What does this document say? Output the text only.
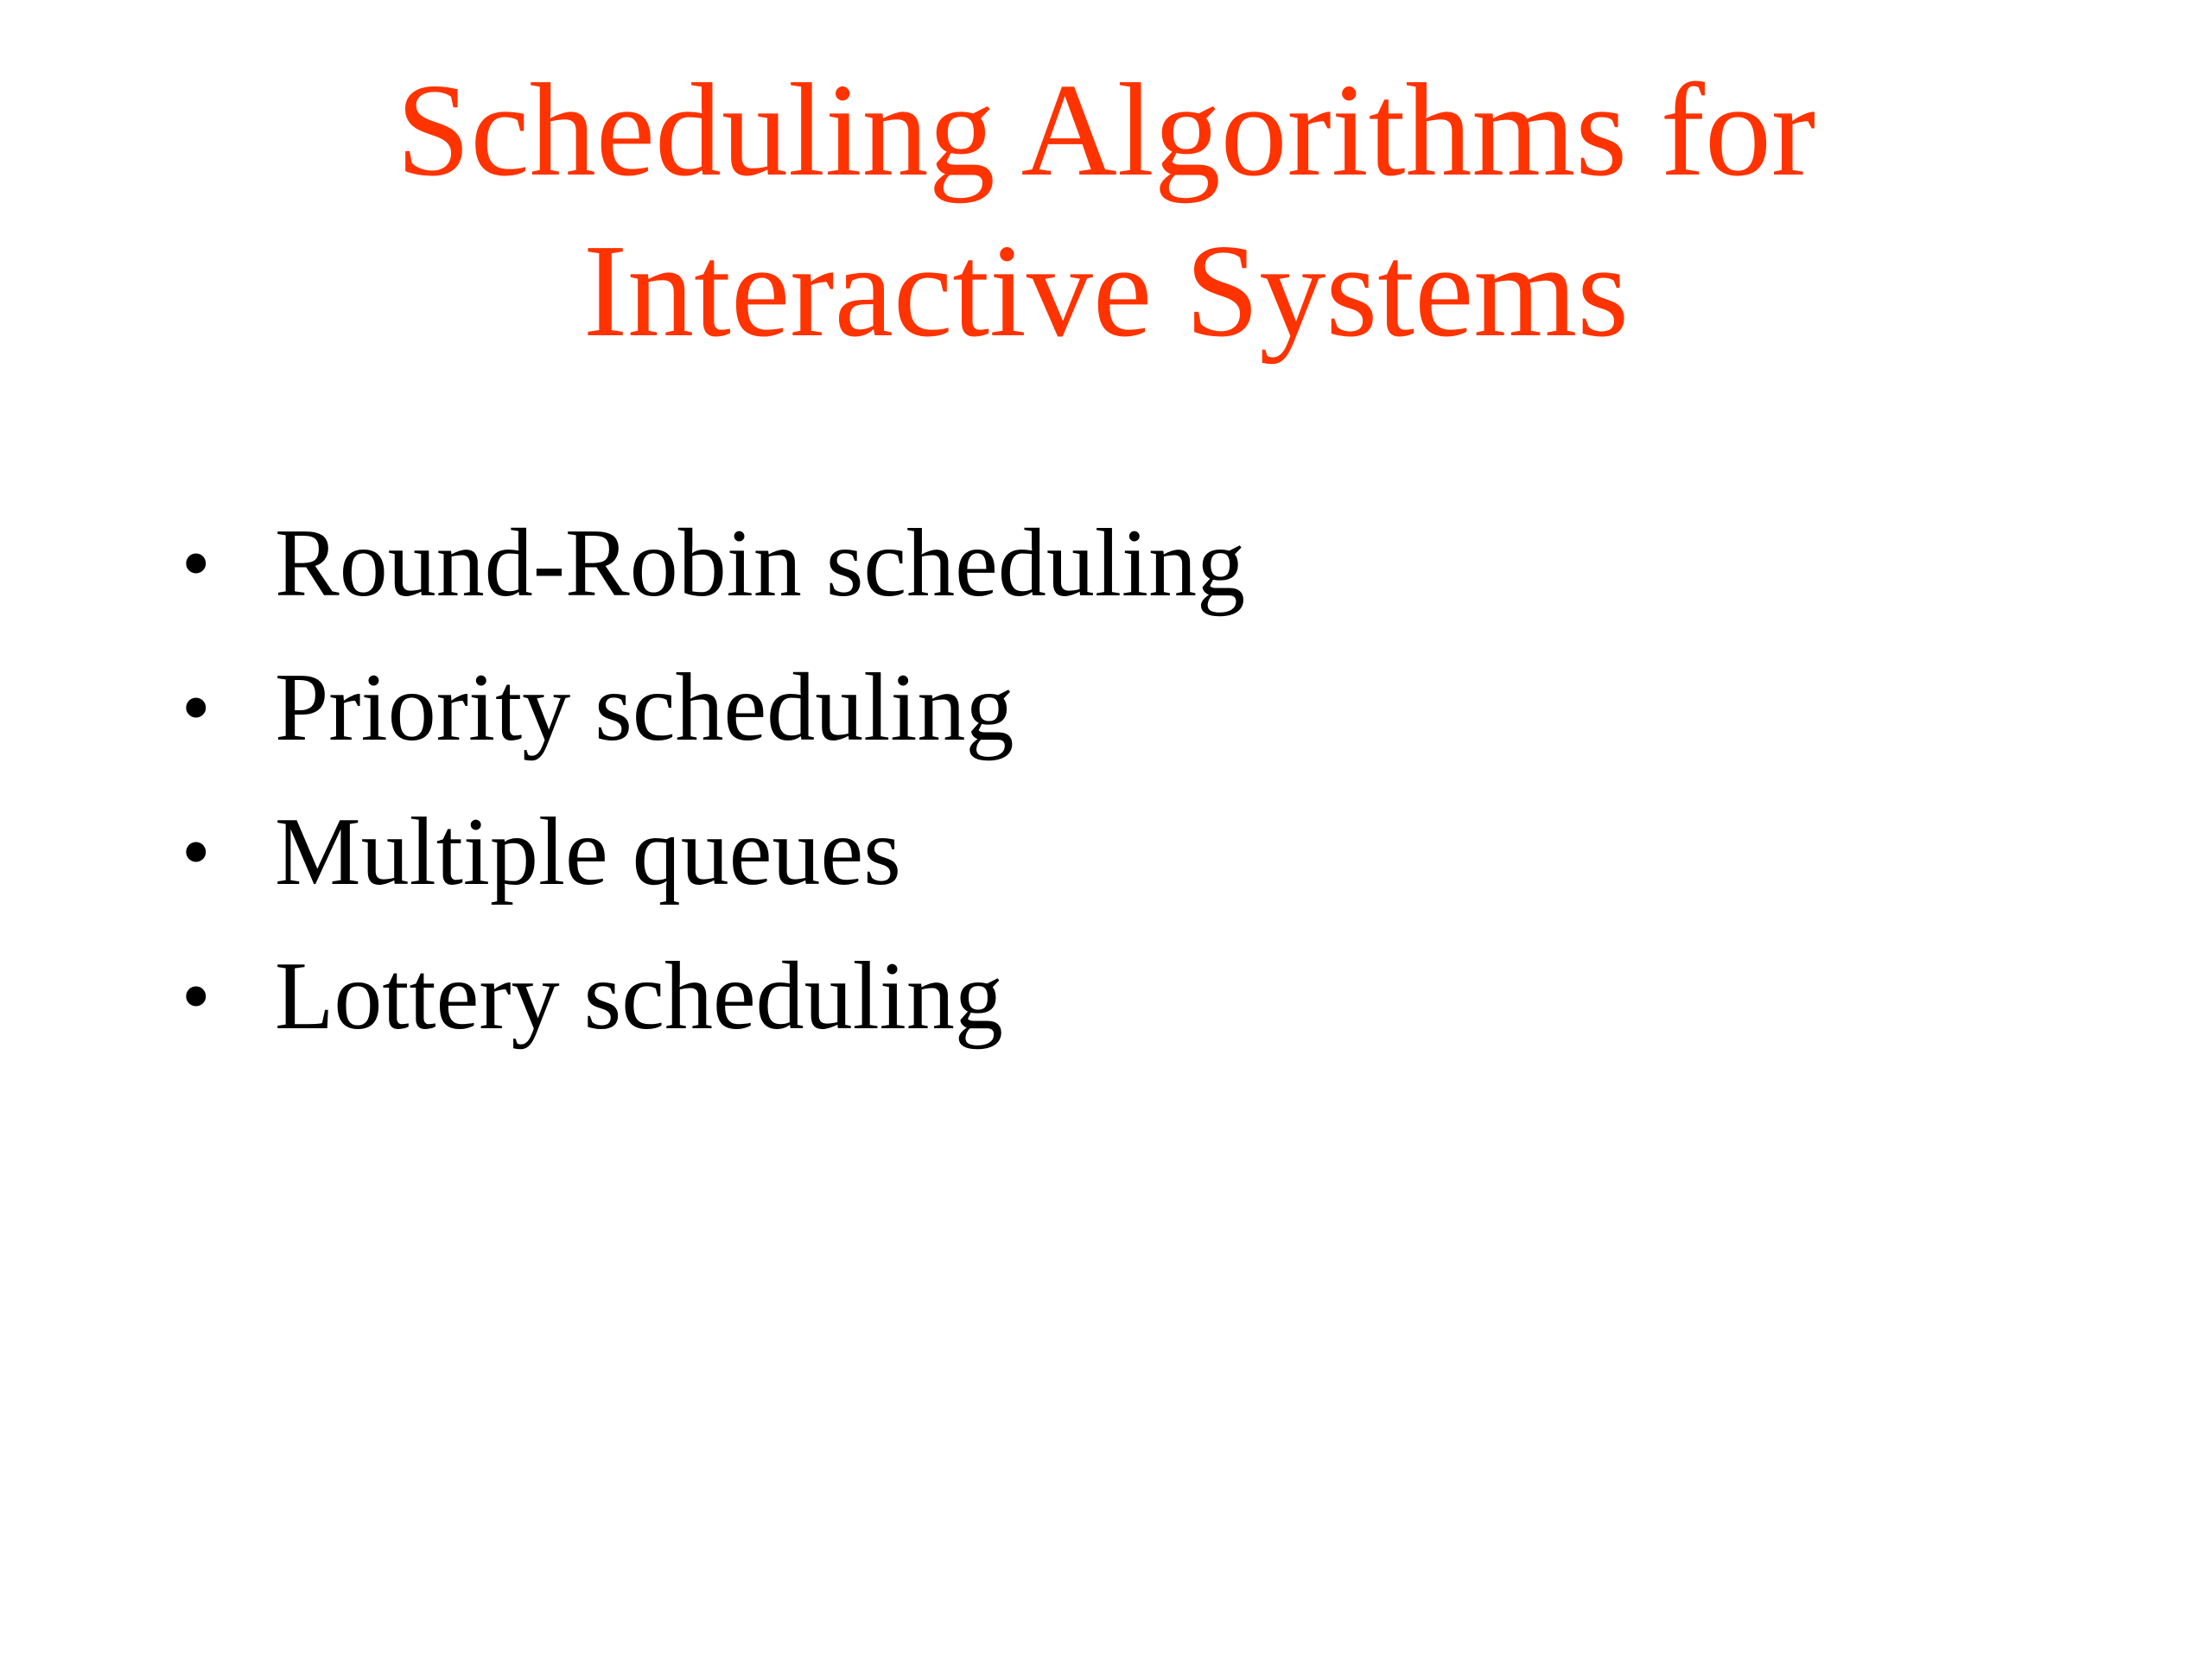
Scheduling Algorithms for
Interactive Systems
• Round-Robin scheduling
• Priority scheduling
• Multiple queues
• Lottery scheduling
